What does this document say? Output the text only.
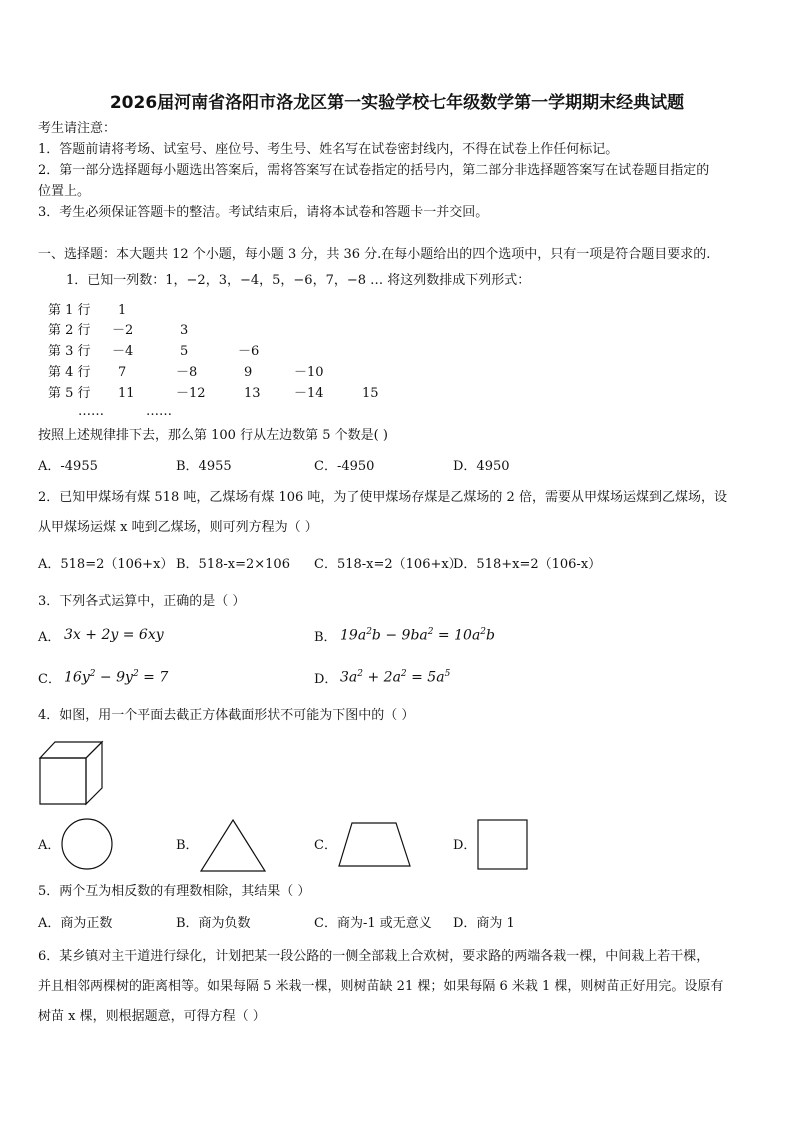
2026届河南省洛阳市洛龙区第一实验学校七年级数学第一学期期末经典试题
考生请注意：
1．答题前请将考场、试室号、座位号、考生号、姓名写在试卷密封线内，不得在试卷上作任何标记。
2．第一部分选择题每小题选出答案后，需将答案写在试卷指定的括号内，第二部分非选择题答案写在试卷题目指定的
位置上。
3．考生必须保证答题卡的整洁。考试结束后，请将本试卷和答题卡一并交回。
一、选择题：本大题共 12 个小题，每小题 3 分，共 36 分.在每小题给出的四个选项中，只有一项是符合题目要求的.
1．已知一列数：1，−2，3，−4，5，−6，7，−8 … 将这列数排成下列形式：
第 1 行 1
第 2 行 －2	3
第 3 行 －4	5	－6
第 4 行 7	－8	9	－10
第 5 行 11	－12	13	－14	15
……	……
按照上述规律排下去，那么第 100 行从左边数第 5 个数是( )
A．-4955	B．4955	C．-4950	D．4950
2．已知甲煤场有煤 518 吨，乙煤场有煤 106 吨，为了使甲煤场存煤是乙煤场的 2 倍，需要从甲煤场运煤到乙煤场，设
从甲煤场运煤 x 吨到乙煤场，则可列方程为（ ）
A．518=2（106+x） B．518-x=2×106 C．518-x=2（106+x）
D．518+x=2（106-x）
3．下列各式运算中，正确的是（ ）
A． 3x + 2y = 6xy	B． $19a^2b - 9ba^2 = 10a^2b$
C． $16y^2 - 9y^2 = 7$	D． $3a^2 + 2a^2 = 5a^5$
4．如图，用一个平面去截正方体截面形状不可能为下图中的（ ）
A．	B．	C．	D．
5．两个互为相反数的有理数相除，其结果（ ）
A．商为正数	B．商为负数	C．商为-1 或无意义 D．商为 1
6．某乡镇对主干道进行绿化，计划把某一段公路的一侧全部栽上合欢树，要求路的两端各栽一棵，中间栽上若干棵，
并且相邻两棵树的距离相等。如果每隔 5 米栽一棵，则树苗缺 21 棵；如果每隔 6 米栽 1 棵，则树苗正好用完。设原有
树苗 x 棵，则根据题意，可得方程（ ）
